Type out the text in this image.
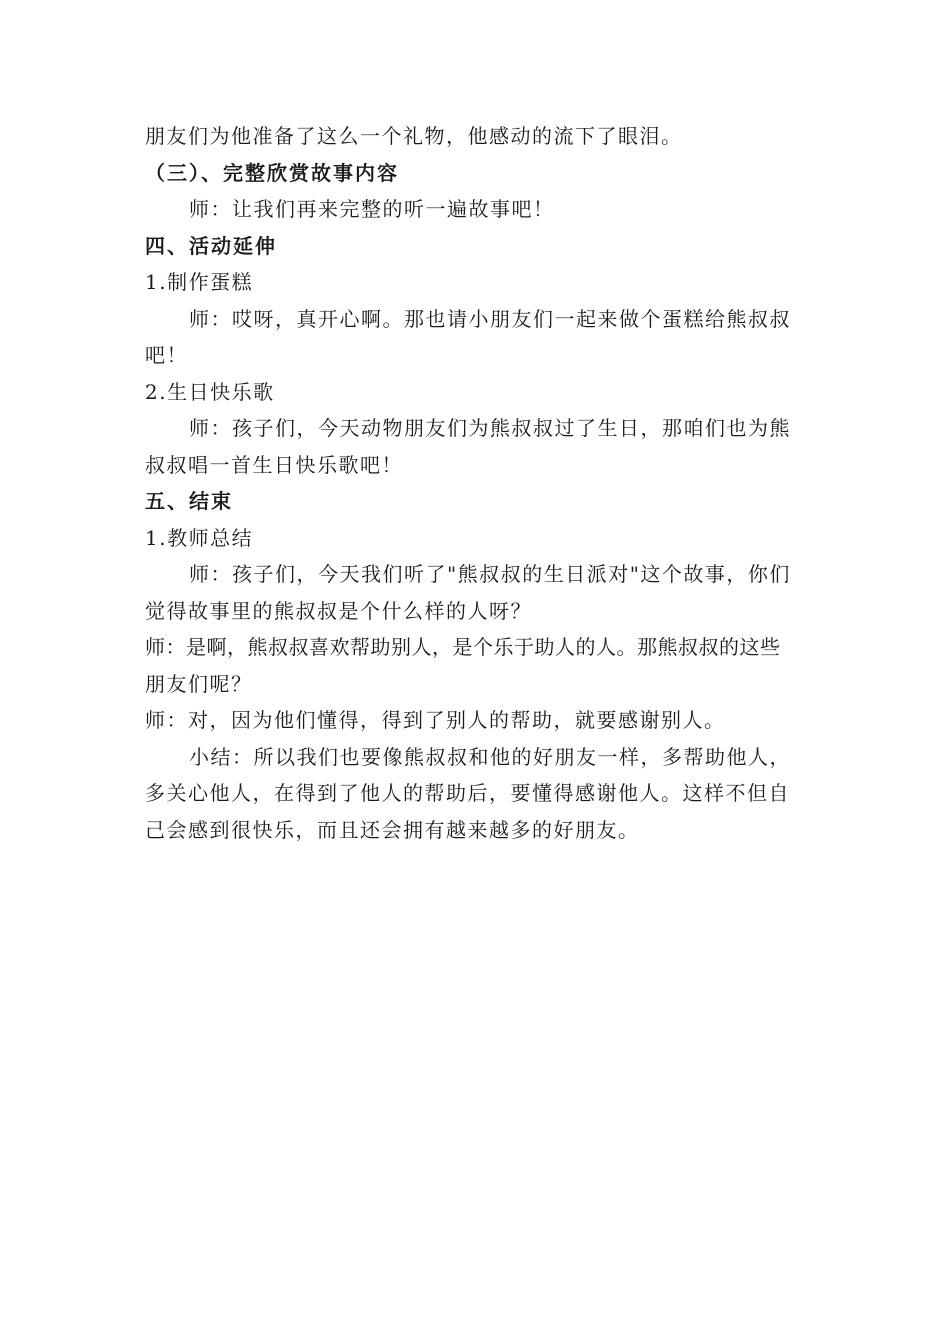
朋友们为他准备了这么一个礼物，他感动的流下了眼泪。
（三）、完整欣赏故事内容
师：让我们再来完整的听一遍故事吧！
四、活动延伸
1.制作蛋糕
师：哎呀，真开心啊。那也请小朋友们一起来做个蛋糕给熊叔叔
吧！
2.生日快乐歌
师：孩子们，今天动物朋友们为熊叔叔过了生日，那咱们也为熊
叔叔唱一首生日快乐歌吧！
五、结束
1.教师总结
师：孩子们，今天我们听了"熊叔叔的生日派对"这个故事，你们
觉得故事里的熊叔叔是个什么样的人呀？
师：是啊，熊叔叔喜欢帮助别人，是个乐于助人的人。那熊叔叔的这些
朋友们呢？
师：对，因为他们懂得，得到了别人的帮助，就要感谢别人。
小结：所以我们也要像熊叔叔和他的好朋友一样，多帮助他人，
多关心他人，在得到了他人的帮助后，要懂得感谢他人。这样不但自
己会感到很快乐，而且还会拥有越来越多的好朋友。
